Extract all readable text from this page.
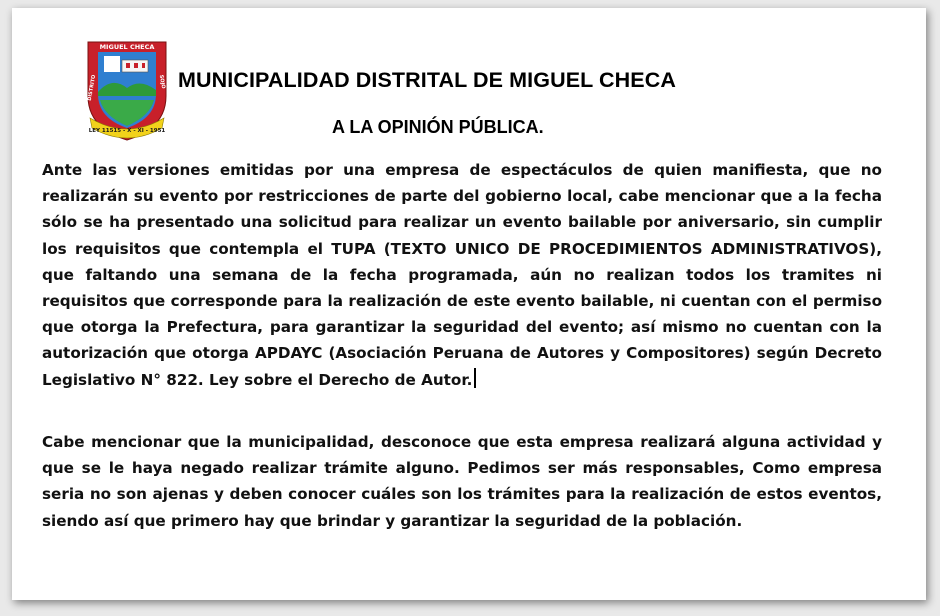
MIGUEL CHECA
DISTRITO	SOJO
LEY 11515 - X - XI - 1951
MUNICIPALIDAD DISTRITAL DE MIGUEL CHECA
A LA OPINIÓN PÚBLICA.

Ante las versiones emitidas por una empresa de espectáculos de quien manifiesta, que no realizarán su evento por restricciones de parte del gobierno local, cabe mencionar que a la fecha sólo se ha presentado una solicitud para realizar un evento bailable por aniversario, sin cumplir los requisitos que contempla el TUPA (TEXTO UNICO DE PROCEDIMIENTOS ADMINISTRATIVOS), que faltando una semana de la fecha programada, aún no realizan todos los tramites ni requisitos que corresponde para la realización de este evento bailable, ni cuentan con el permiso que otorga la Prefectura, para garantizar la seguridad del evento; así mismo no cuentan con la autorización que otorga APDAYC (Asociación Peruana de Autores y Compositores) según Decreto Legislativo N° 822. Ley sobre el Derecho de Autor.

Cabe mencionar que la municipalidad, desconoce que esta empresa realizará alguna actividad y que se le haya negado realizar trámite alguno. Pedimos ser más responsables, Como empresa seria no son ajenas y deben conocer cuáles son los trámites para la realización de estos eventos, siendo así que primero hay que brindar y garantizar la seguridad de la población.
